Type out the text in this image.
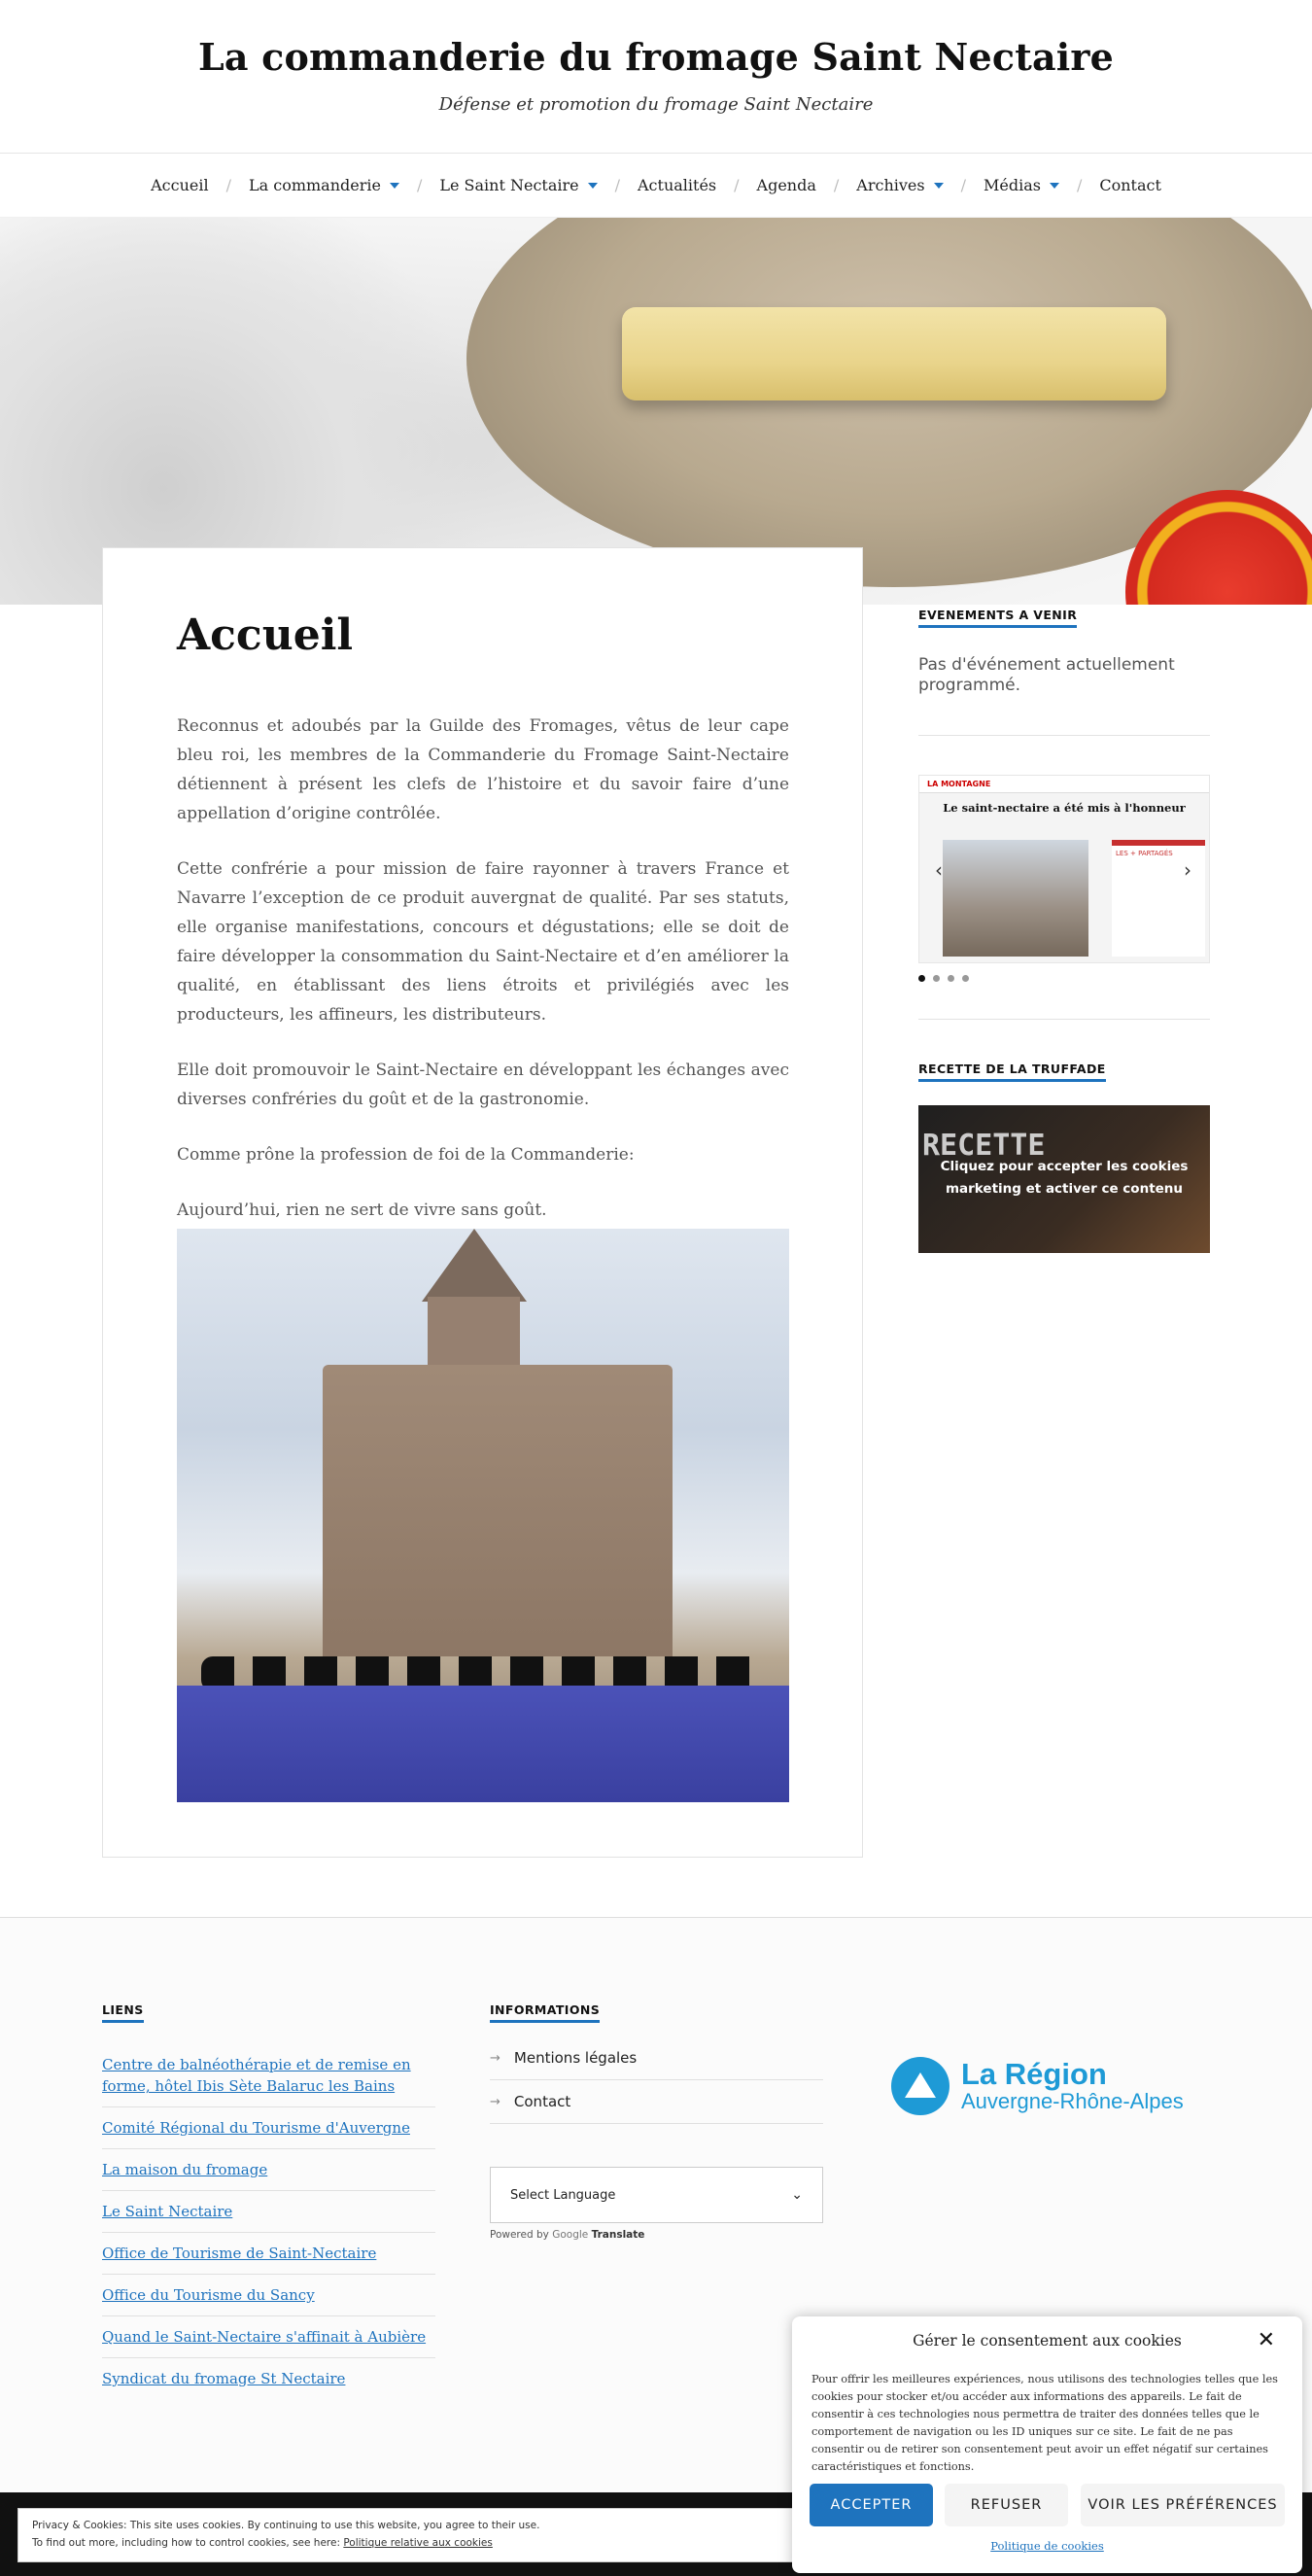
La commanderie du fromage Saint Nectaire

Défense et promotion du fromage Saint Nectaire

Accueil / La commanderie / Le Saint Nectaire / Actualités / Agenda / Archives / Médias / Contact
Accueil

Reconnus et adoubés par la Guilde des Fromages, vêtus de leur cape bleu roi, les membres de la Commanderie du Fromage Saint-Nectaire détiennent à présent les clefs de l’histoire et du savoir faire d’une appellation d’origine contrôlée.

Cette confrérie a pour mission de faire rayonner à travers France et Navarre l’exception de ce produit auvergnat de qualité. Par ses statuts, elle organise manifestations, concours et dégustations; elle se doit de faire développer la consommation du Saint-Nectaire et d’en améliorer la qualité, en établissant des liens étroits et privilégiés avec les producteurs, les affineurs, les distributeurs.

Elle doit promouvoir le Saint-Nectaire en développant les échanges avec diverses confréries du goût et de la gastronomie.

Comme prône la profession de foi de la Commanderie:

Aujourd’hui, rien ne sert de vivre sans goût.

EVENEMENTS A VENIR

Pas d'événement actuellement programmé.

LA MONTAGNE
Le saint-nectaire a été mis à l'honneur
LES + PARTAGÉS
‹	›
RECETTE DE LA TRUFFADE
RECETTE
Cliquez pour accepter les cookies marketing et activer ce contenu
LIENS
Centre de balnéothérapie et de remise en forme, hôtel Ibis Sète Balaruc les Bains
Comité Régional du Tourisme d'Auvergne
La maison du fromage
Le Saint Nectaire
Office de Tourisme de Saint-Nectaire
Office du Tourisme du Sancy
Quand le Saint-Nectaire s'affinait à Aubière
Syndicat du fromage St Nectaire
INFORMATIONS
→ Mentions légales
→ Contact
Select Language	⌄
Powered by Google Translate
La Région
Auvergne-Rhône-Alpes
Privacy & Cookies: This site uses cookies. By continuing to use this website, you agree to their use.
To find out more, including how to control cookies, see here: Politique relative aux cookies
Gérer le consentement aux cookies	✕
Pour offrir les meilleures expériences, nous utilisons des technologies telles que les cookies pour stocker et/ou accéder aux informations des appareils. Le fait de consentir à ces technologies nous permettra de traiter des données telles que le comportement de navigation ou les ID uniques sur ce site. Le fait de ne pas consentir ou de retirer son consentement peut avoir un effet négatif sur certaines caractéristiques et fonctions.
ACCEPTER	REFUSER	VOIR LES PRÉFÉRENCES
Politique de cookies
